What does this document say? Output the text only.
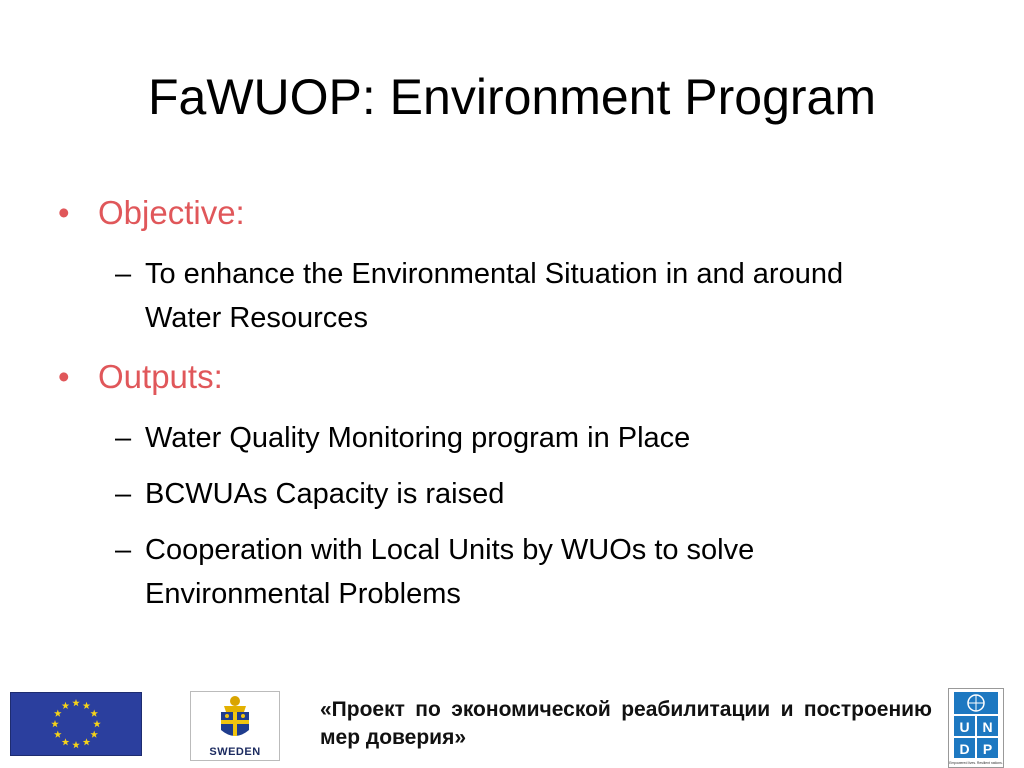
FaWUOP: Environment Program
• Objective:
– To enhance the Environmental Situation in and around Water Resources
• Outputs:
– Water Quality Monitoring program in Place
– BCWUAs Capacity is raised
– Cooperation with Local Units by WUOs to solve Environmental Problems
SWEDEN
«Проект по экономической реабилитации и построению мер доверия»	U N
D P
Empowered lives. Resilient nations.
